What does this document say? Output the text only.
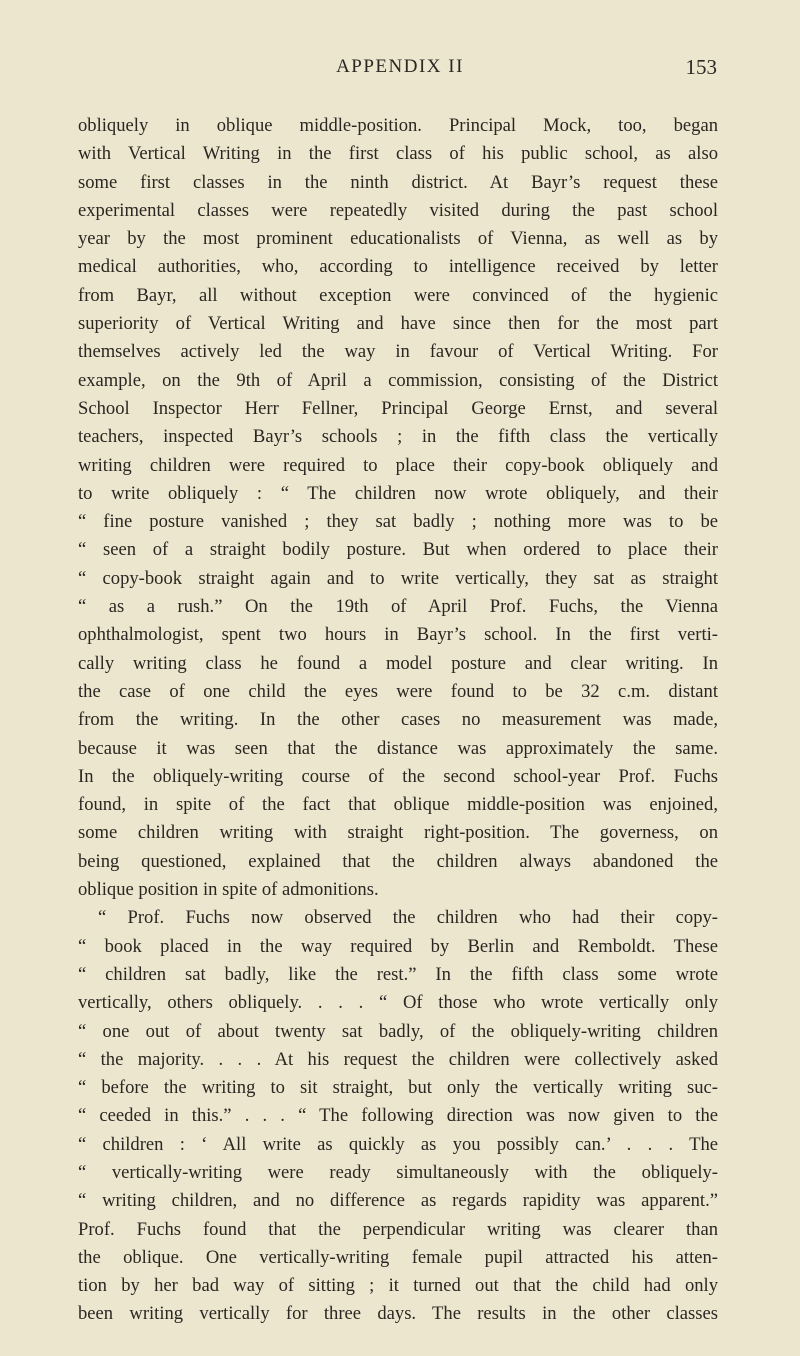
APPENDIX II	153
obliquely in oblique middle-position. Principal Mock, too, began
with Vertical Writing in the first class of his public school, as also
some first classes in the ninth district. At Bayr’s request these
experimental classes were repeatedly visited during the past school
year by the most prominent educationalists of Vienna, as well as by
medical authorities, who, according to intelligence received by letter
from Bayr, all without exception were convinced of the hygienic
superiority of Vertical Writing and have since then for the most part
themselves actively led the way in favour of Vertical Writing. For
example, on the 9th of April a commission, consisting of the District
School Inspector Herr Fellner, Principal George Ernst, and several
teachers, inspected Bayr’s schools ; in the fifth class the vertically
writing children were required to place their copy-book obliquely and
to write obliquely : “ The children now wrote obliquely, and their
“ fine posture vanished ; they sat badly ; nothing more was to be
“ seen of a straight bodily posture. But when ordered to place their
“ copy-book straight again and to write vertically, they sat as straight
“ as a rush.” On the 19th of April Prof. Fuchs, the Vienna
ophthalmologist, spent two hours in Bayr’s school. In the first verti-
cally writing class he found a model posture and clear writing. In
the case of one child the eyes were found to be 32 c.m. distant
from the writing. In the other cases no measurement was made,
because it was seen that the distance was approximately the same.
In the obliquely-writing course of the second school-year Prof. Fuchs
found, in spite of the fact that oblique middle-position was enjoined,
some children writing with straight right-position. The governess, on
being questioned, explained that the children always abandoned the
oblique position in spite of admonitions.
“ Prof. Fuchs now observed the children who had their copy-
“ book placed in the way required by Berlin and Remboldt. These
“ children sat badly, like the rest.” In the fifth class some wrote
vertically, others obliquely. . . . “ Of those who wrote vertically only
“ one out of about twenty sat badly, of the obliquely-writing children
“ the majority. . . . At his request the children were collectively asked
“ before the writing to sit straight, but only the vertically writing suc-
“ ceeded in this.” . . . “ The following direction was now given to the
“ children : ‘ All write as quickly as you possibly can.’ . . . The
“ vertically-writing were ready simultaneously with the obliquely-
“ writing children, and no difference as regards rapidity was apparent.”
Prof. Fuchs found that the perpendicular writing was clearer than
the oblique. One vertically-writing female pupil attracted his atten-
tion by her bad way of sitting ; it turned out that the child had only
been writing vertically for three days. The results in the other classes
